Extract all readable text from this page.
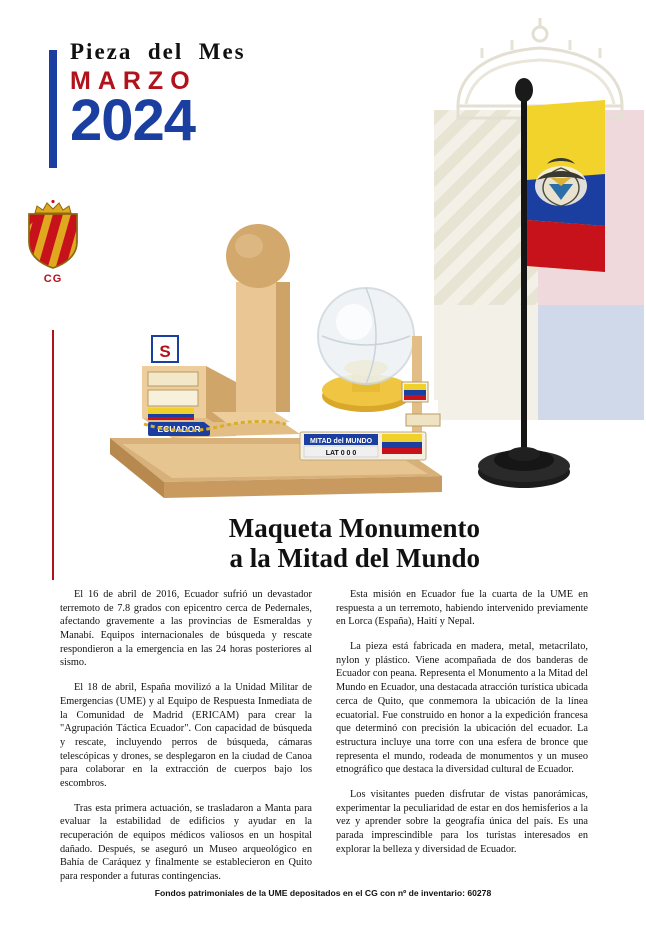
Pieza  del  Mes
MARZO
2024
CG
S
ECUADOR
MITAD del MUNDO
LAT 0 0 0
Maqueta Monumento
a la Mitad del Mundo

El 16 de abril de 2016, Ecuador sufrió un devastador terremoto de 7.8 grados con epicentro cerca de Pedernales, afectando gravemente a las provincias de Esmeraldas y Manabí. Equipos internacionales de búsqueda y rescate respondieron a la emergencia en las 24 horas posteriores al sismo.

El 18 de abril, España movilizó a la Unidad Militar de Emergencias (UME) y al Equipo de Respuesta Inmediata de la Comunidad de Madrid (ERICAM) para crear la "Agrupación Táctica Ecuador". Con capacidad de búsqueda y rescate, incluyendo perros de búsqueda, cámaras telescópicas y drones, se desplegaron en la ciudad de Canoa para colaborar en la extracción de cuerpos bajo los escombros.

Tras esta primera actuación, se trasladaron a Manta para evaluar la estabilidad de edificios y ayudar en la recuperación de equipos médicos valiosos en un hospital dañado. Después, se aseguró un Museo arqueológico en Bahía de Caráquez y finalmente se establecieron en Quito para responder a futuras contingencias.

Esta misión en Ecuador fue la cuarta de la UME en respuesta a un terremoto, habiendo intervenido previamente en Lorca (España), Haití y Nepal.

La pieza está fabricada en madera, metal, metacrilato, nylon y plástico. Viene acompañada de dos banderas de Ecuador con peana. Representa el Monumento a la Mitad del Mundo en Ecuador, una destacada atracción turística ubicada cerca de Quito, que conmemora la ubicación de la línea ecuatorial. Fue construido en honor a la expedición francesa que determinó con precisión la ubicación del ecuador. La estructura incluye una torre con una esfera de bronce que representa el mundo, rodeada de monumentos y un museo etnográfico que destaca la diversidad cultural de Ecuador.

Los visitantes pueden disfrutar de vistas panorámicas, experimentar la peculiaridad de estar en dos hemisferios a la vez y aprender sobre la geografía única del país. Es una parada imprescindible para los turistas interesados en explorar la belleza y diversidad de Ecuador.

Fondos patrimoniales de la UME depositados en el CG con nº de inventario: 60278
